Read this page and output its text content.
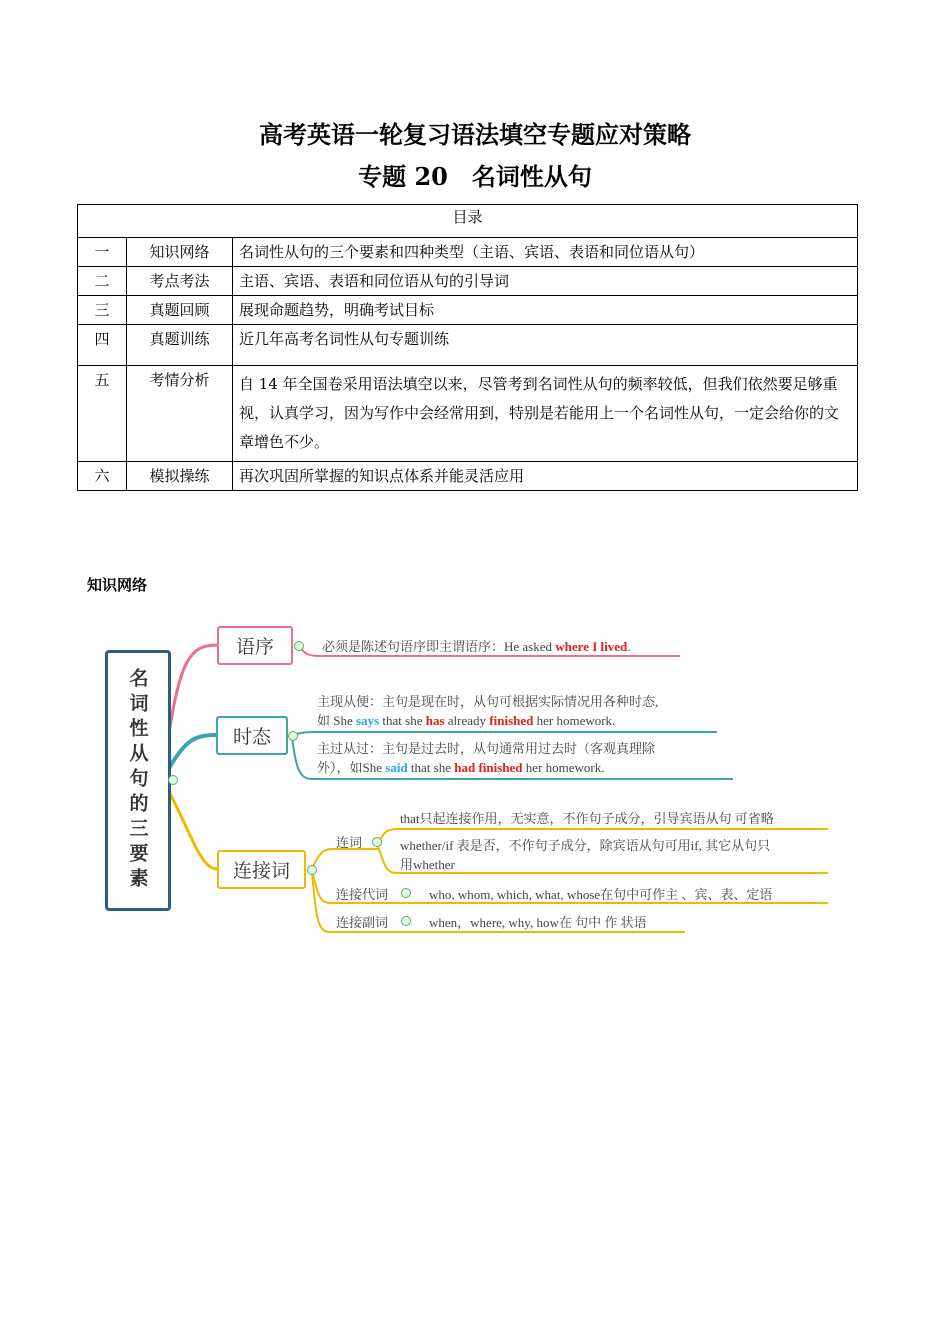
高考英语一轮复习语法填空专题应对策略
专题 20　名词性从句
目录		
一	知识网络	名词性从句的三个要素和四种类型（主语、宾语、表语和同位语从句）
二	考点考法	主语、宾语、表语和同位语从句的引导词
三	真题回顾	展现命题趋势，明确考试目标
四	真题训练	近几年高考名词性从句专题训练
五	考情分析	自 14 年全国卷采用语法填空以来，尽管考到名词性从句的频率较低，但我们依然要足够重视，认真学习，因为写作中会经常用到，特别是若能用上一个名词性从句，一定会给你的文章增色不少。
六	模拟操练	再次巩固所掌握的知识点体系并能灵活应用
知识网络
名词性从句的三要素
语序	必须是陈述句语序即主谓语序：He asked where I lived.
时态
主现从便：主句是现在时，从句可根据实际情况用各种时态,
如 She says that she has already finished her homework.
主过从过：主句是过去时，从句通常用过去时（客观真理除
外），如She said that she had finished her homework.
连接词
连词
that只起连接作用，无实意，不作句子成分，引导宾语从句 可省略
whether/if 表是否，不作句子成分，除宾语从句可用if, 其它从句只
用whether
连接代词	who, whom, which, what, whose在句中可作主 、宾、表、定语
连接副词	when，where, why, how在 句中 作 状语
